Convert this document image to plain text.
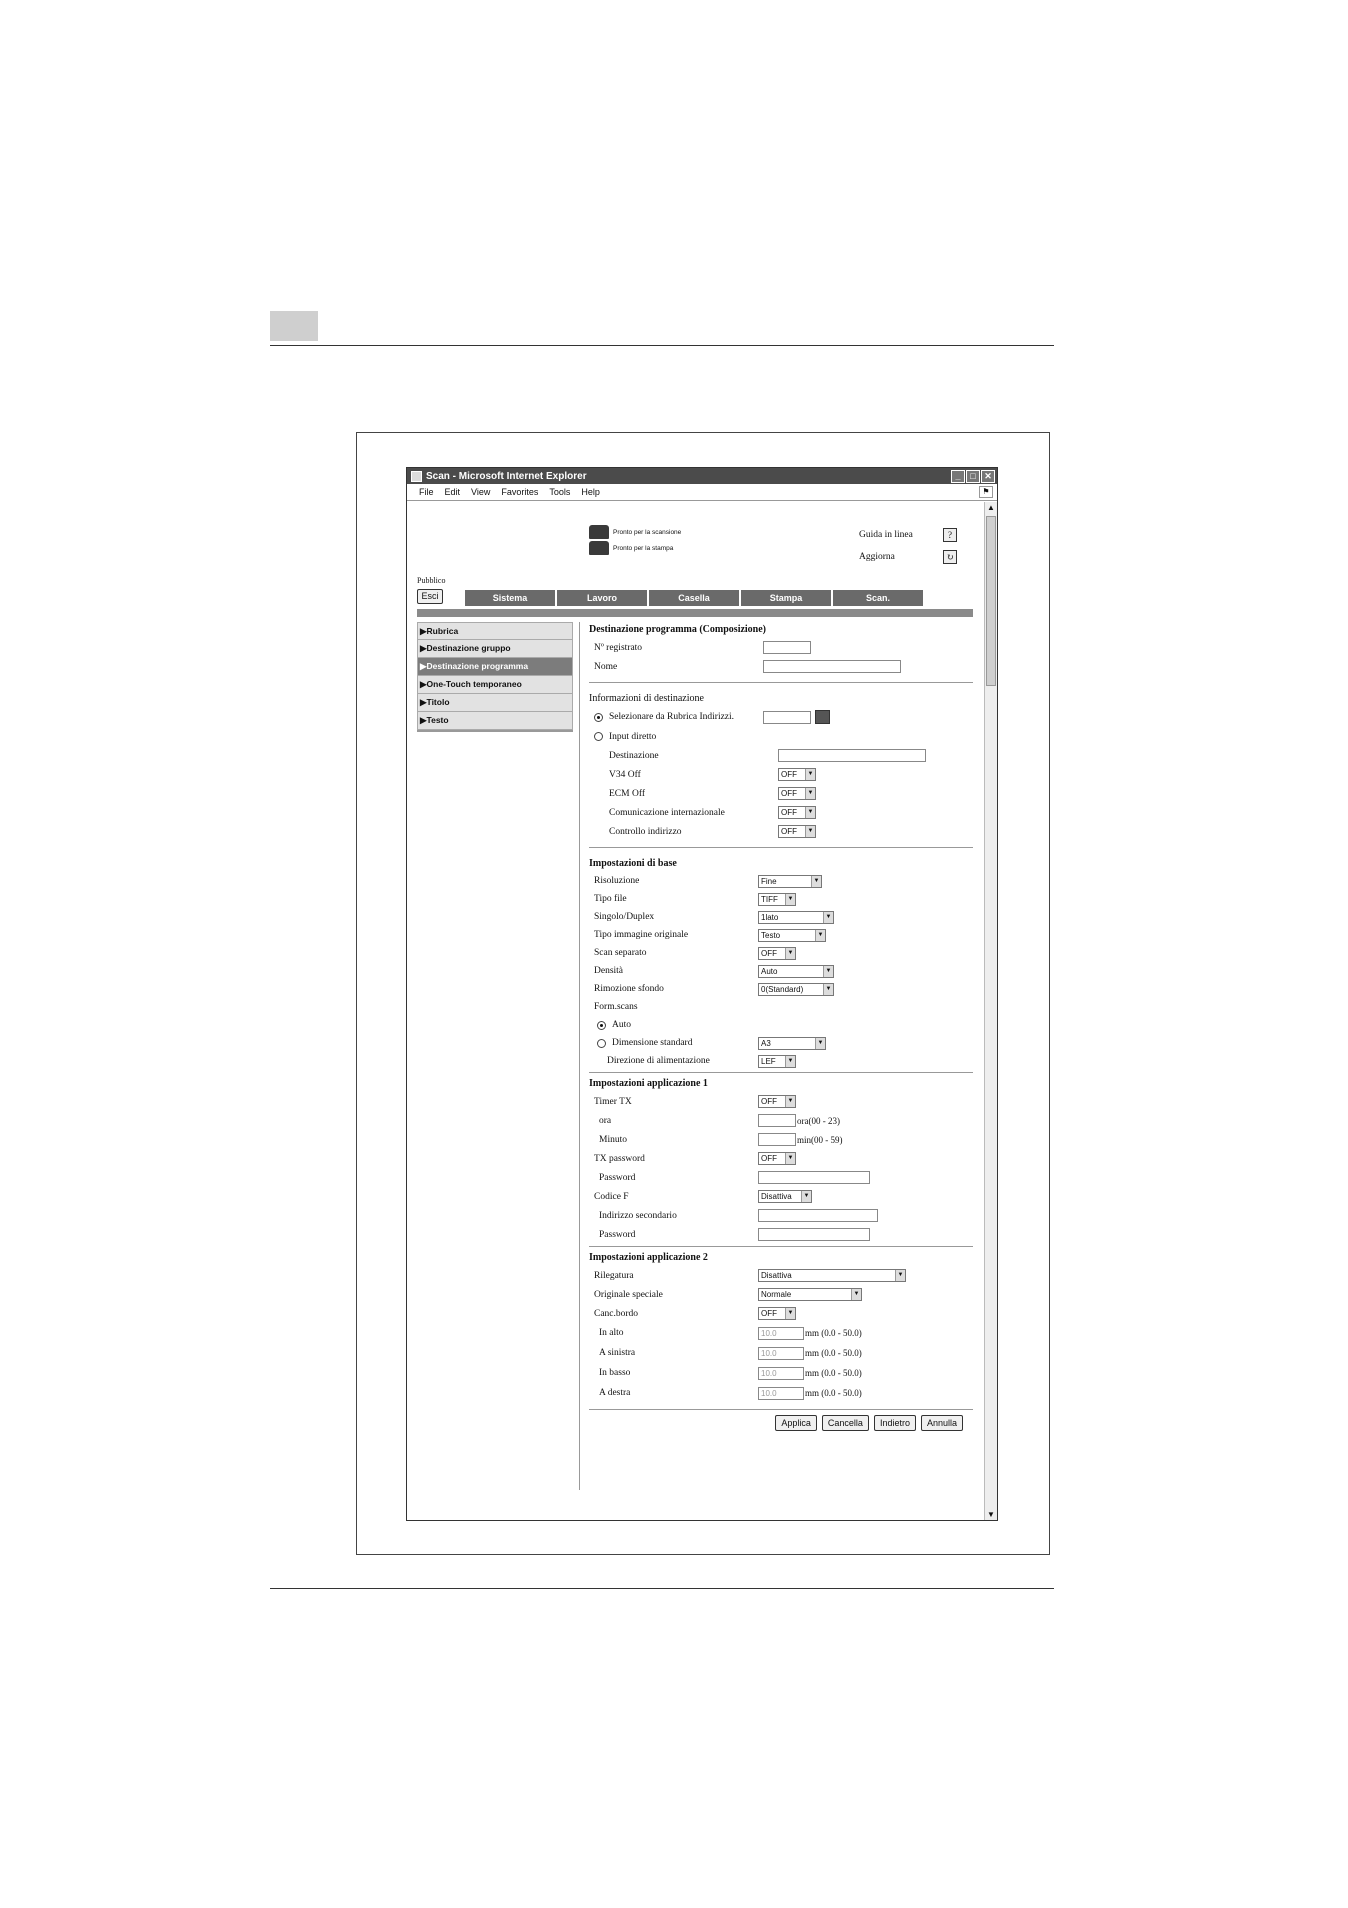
Scan - Microsoft Internet Explorer	_	□ ✕
File Edit View Favorites Tools Help	⚑
Pronto per la scansione
Pronto per la stampa
Guida in linea	?
Aggiorna	↻
Pubblico
Esci	Sistema	Lavoro	Casella	Stampa	Scan.
▶Rubrica
▶Destinazione gruppo
▶Destinazione programma
▶One-Touch temporaneo
▶Titolo
▶Testo
Destinazione programma (Composizione)
Nº registrato
Nome
Informazioni di destinazione
Selezionare da Rubrica Indirizzi.
Input diretto
Destinazione
V34 Off	OFF	▼
ECM Off	OFF	▼
Comunicazione internazionale	OFF	▼
Controllo indirizzo	OFF	▼
Impostazioni di base
Risoluzione	Fine	▼
Tipo file	TIFF	▼
Singolo/Duplex	1lato	▼
Tipo immagine originale	Testo	▼
Scan separato	OFF	▼
Densità	Auto	▼
Rimozione sfondo	0(Standard)	▼
Form.scans
Auto
Dimensione standard	A3	▼
Direzione di alimentazione	LEF	▼
Impostazioni applicazione 1
Timer TX	OFF	▼
ora	ora(00 - 23)
Minuto	min(00 - 59)
TX password	OFF	▼
Password
Codice F	Disattiva	▼
Indirizzo secondario
Password
Impostazioni applicazione 2
Rilegatura	Disattiva	▼
Originale speciale	Normale	▼
Canc.bordo	OFF	▼
In alto	10.0	mm (0.0 - 50.0)
A sinistra	10.0	mm (0.0 - 50.0)
In basso	10.0	mm (0.0 - 50.0)
A destra	10.0	mm (0.0 - 50.0)
Applica	Cancella	Indietro	Annulla
▲
▼
